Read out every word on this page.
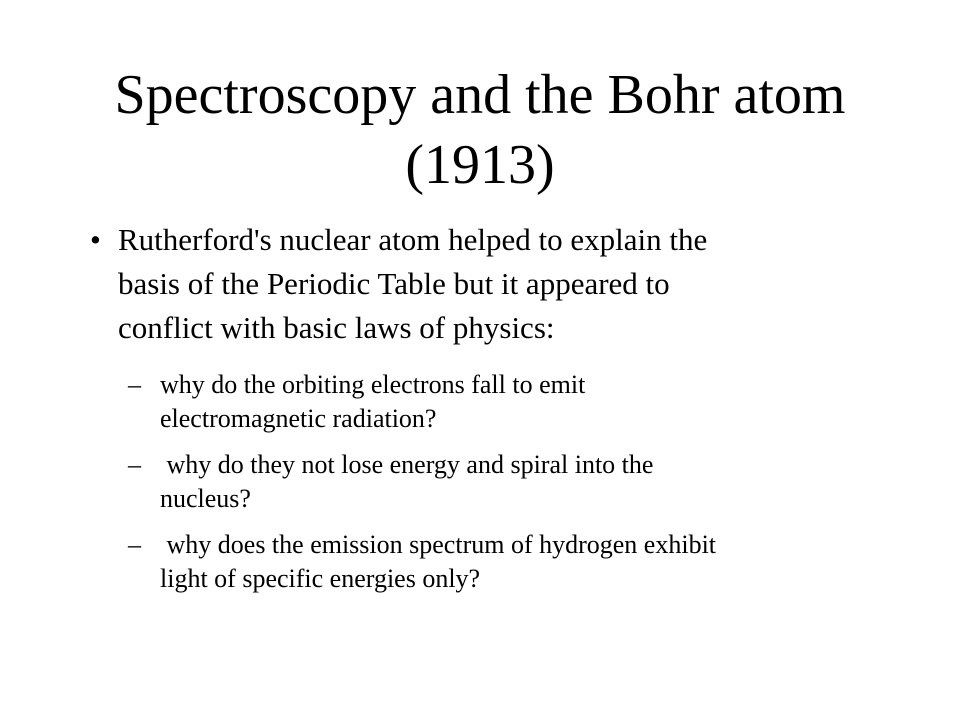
Spectroscopy and the Bohr atom
(1913)
• Rutherford's nuclear atom helped to explain the
basis of the Periodic Table but it appeared to
conflict with basic laws of physics:
– why do the orbiting electrons fall to emit
electromagnetic radiation?
– why do they not lose energy and spiral into the
nucleus?
– why does the emission spectrum of hydrogen exhibit
light of specific energies only?
